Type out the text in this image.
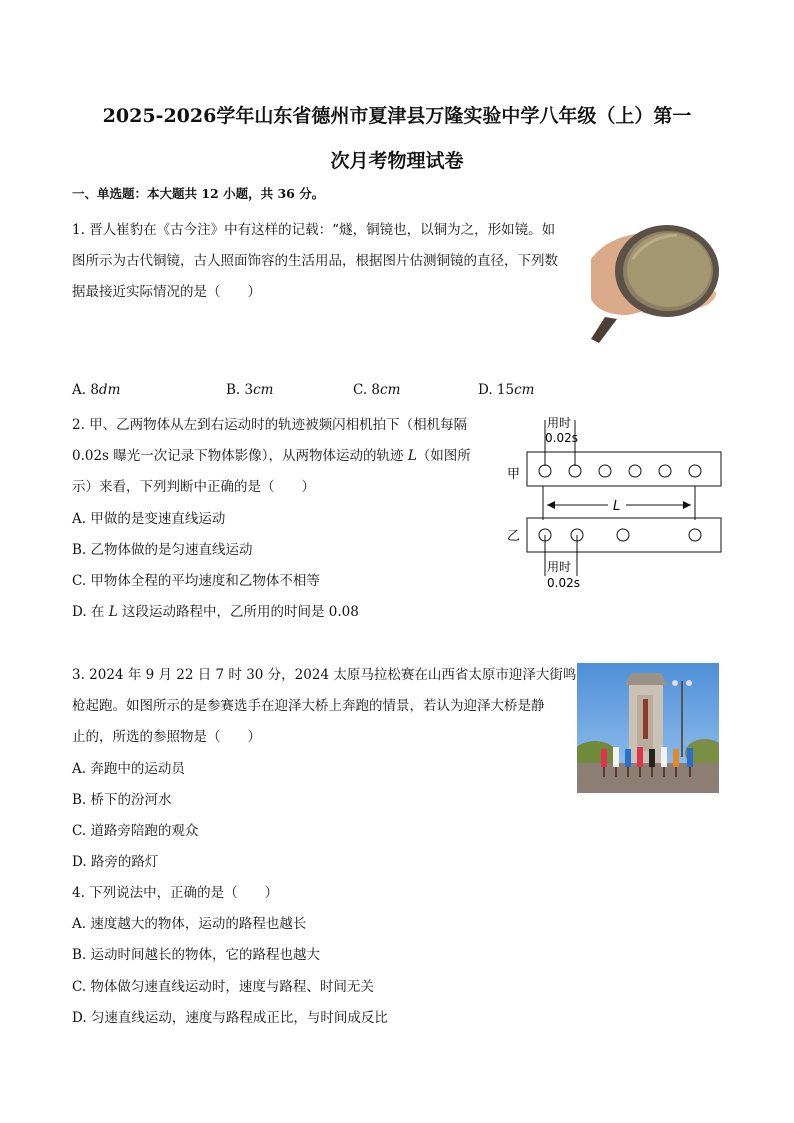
2025-2026学年山东省德州市夏津县万隆实验中学八年级（上）第一
次月考物理试卷
一、单选题：本大题共 12 小题，共 36 分。
1. 晋人崔豹在《古今注》中有这样的记载：“燧，铜镜也，以铜为之，形如镜。如
图所示为古代铜镜，古人照面饰容的生活用品，根据图片估测铜镜的直径，下列数
据最接近实际情况的是（　　）
A. 8dm	B. 3cm	C. 8cm	D. 15cm
2. 甲、乙两物体从左到右运动时的轨迹被频闪相机拍下（相机每隔
0.02s 曝光一次记录下物体影像），从两物体运动的轨迹 L（如图所
示）来看，下列判断中正确的是（　　）
A. 甲做的是变速直线运动
B. 乙物体做的是匀速直线运动
C. 甲物体全程的平均速度和乙物体不相等
D. 在 L 这段运动路程中，乙所用的时间是 0.08
用时
0.02s
甲
L
乙
用时
0.02s
3. 2024 年 9 月 22 日 7 时 30 分，2024 太原马拉松赛在山西省太原市迎泽大街鸣
枪起跑。如图所示的是参赛选手在迎泽大桥上奔跑的情景，若认为迎泽大桥是静
止的，所选的参照物是（　　）
A. 奔跑中的运动员
B. 桥下的汾河水
C. 道路旁陪跑的观众
D. 路旁的路灯
4. 下列说法中，正确的是（　　）
A. 速度越大的物体，运动的路程也越长
B. 运动时间越长的物体，它的路程也越大
C. 物体做匀速直线运动时，速度与路程、时间无关
D. 匀速直线运动，速度与路程成正比，与时间成反比
